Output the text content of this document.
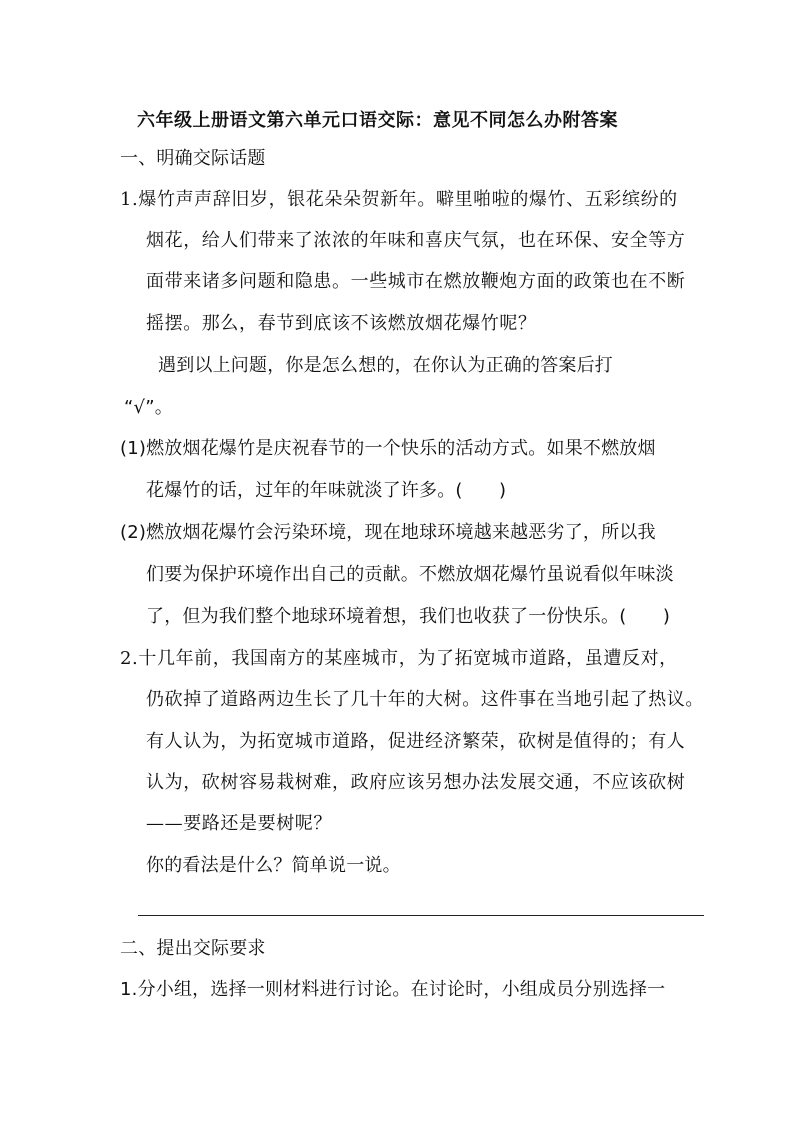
六年级上册语文第六单元口语交际：意见不同怎么办附答案
一、明确交际话题
1.爆竹声声辞旧岁，银花朵朵贺新年。噼里啪啦的爆竹、五彩缤纷的
烟花，给人们带来了浓浓的年味和喜庆气氛，也在环保、安全等方
面带来诸多问题和隐患。一些城市在燃放鞭炮方面的政策也在不断
摇摆。那么，春节到底该不该燃放烟花爆竹呢？
遇到以上问题，你是怎么想的，在你认为正确的答案后打
“√”。
(1)燃放烟花爆竹是庆祝春节的一个快乐的活动方式。如果不燃放烟
花爆竹的话，过年的年味就淡了许多。(　　)
(2)燃放烟花爆竹会污染环境，现在地球环境越来越恶劣了，所以我
们要为保护环境作出自己的贡献。不燃放烟花爆竹虽说看似年味淡
了，但为我们整个地球环境着想，我们也收获了一份快乐。(　　)
2.十几年前，我国南方的某座城市，为了拓宽城市道路，虽遭反对，
仍砍掉了道路两边生长了几十年的大树。这件事在当地引起了热议。
有人认为，为拓宽城市道路，促进经济繁荣，砍树是值得的；有人
认为，砍树容易栽树难，政府应该另想办法发展交通，不应该砍树
——要路还是要树呢？
你的看法是什么？简单说一说。
二、提出交际要求
1.分小组，选择一则材料进行讨论。在讨论时，小组成员分别选择一
